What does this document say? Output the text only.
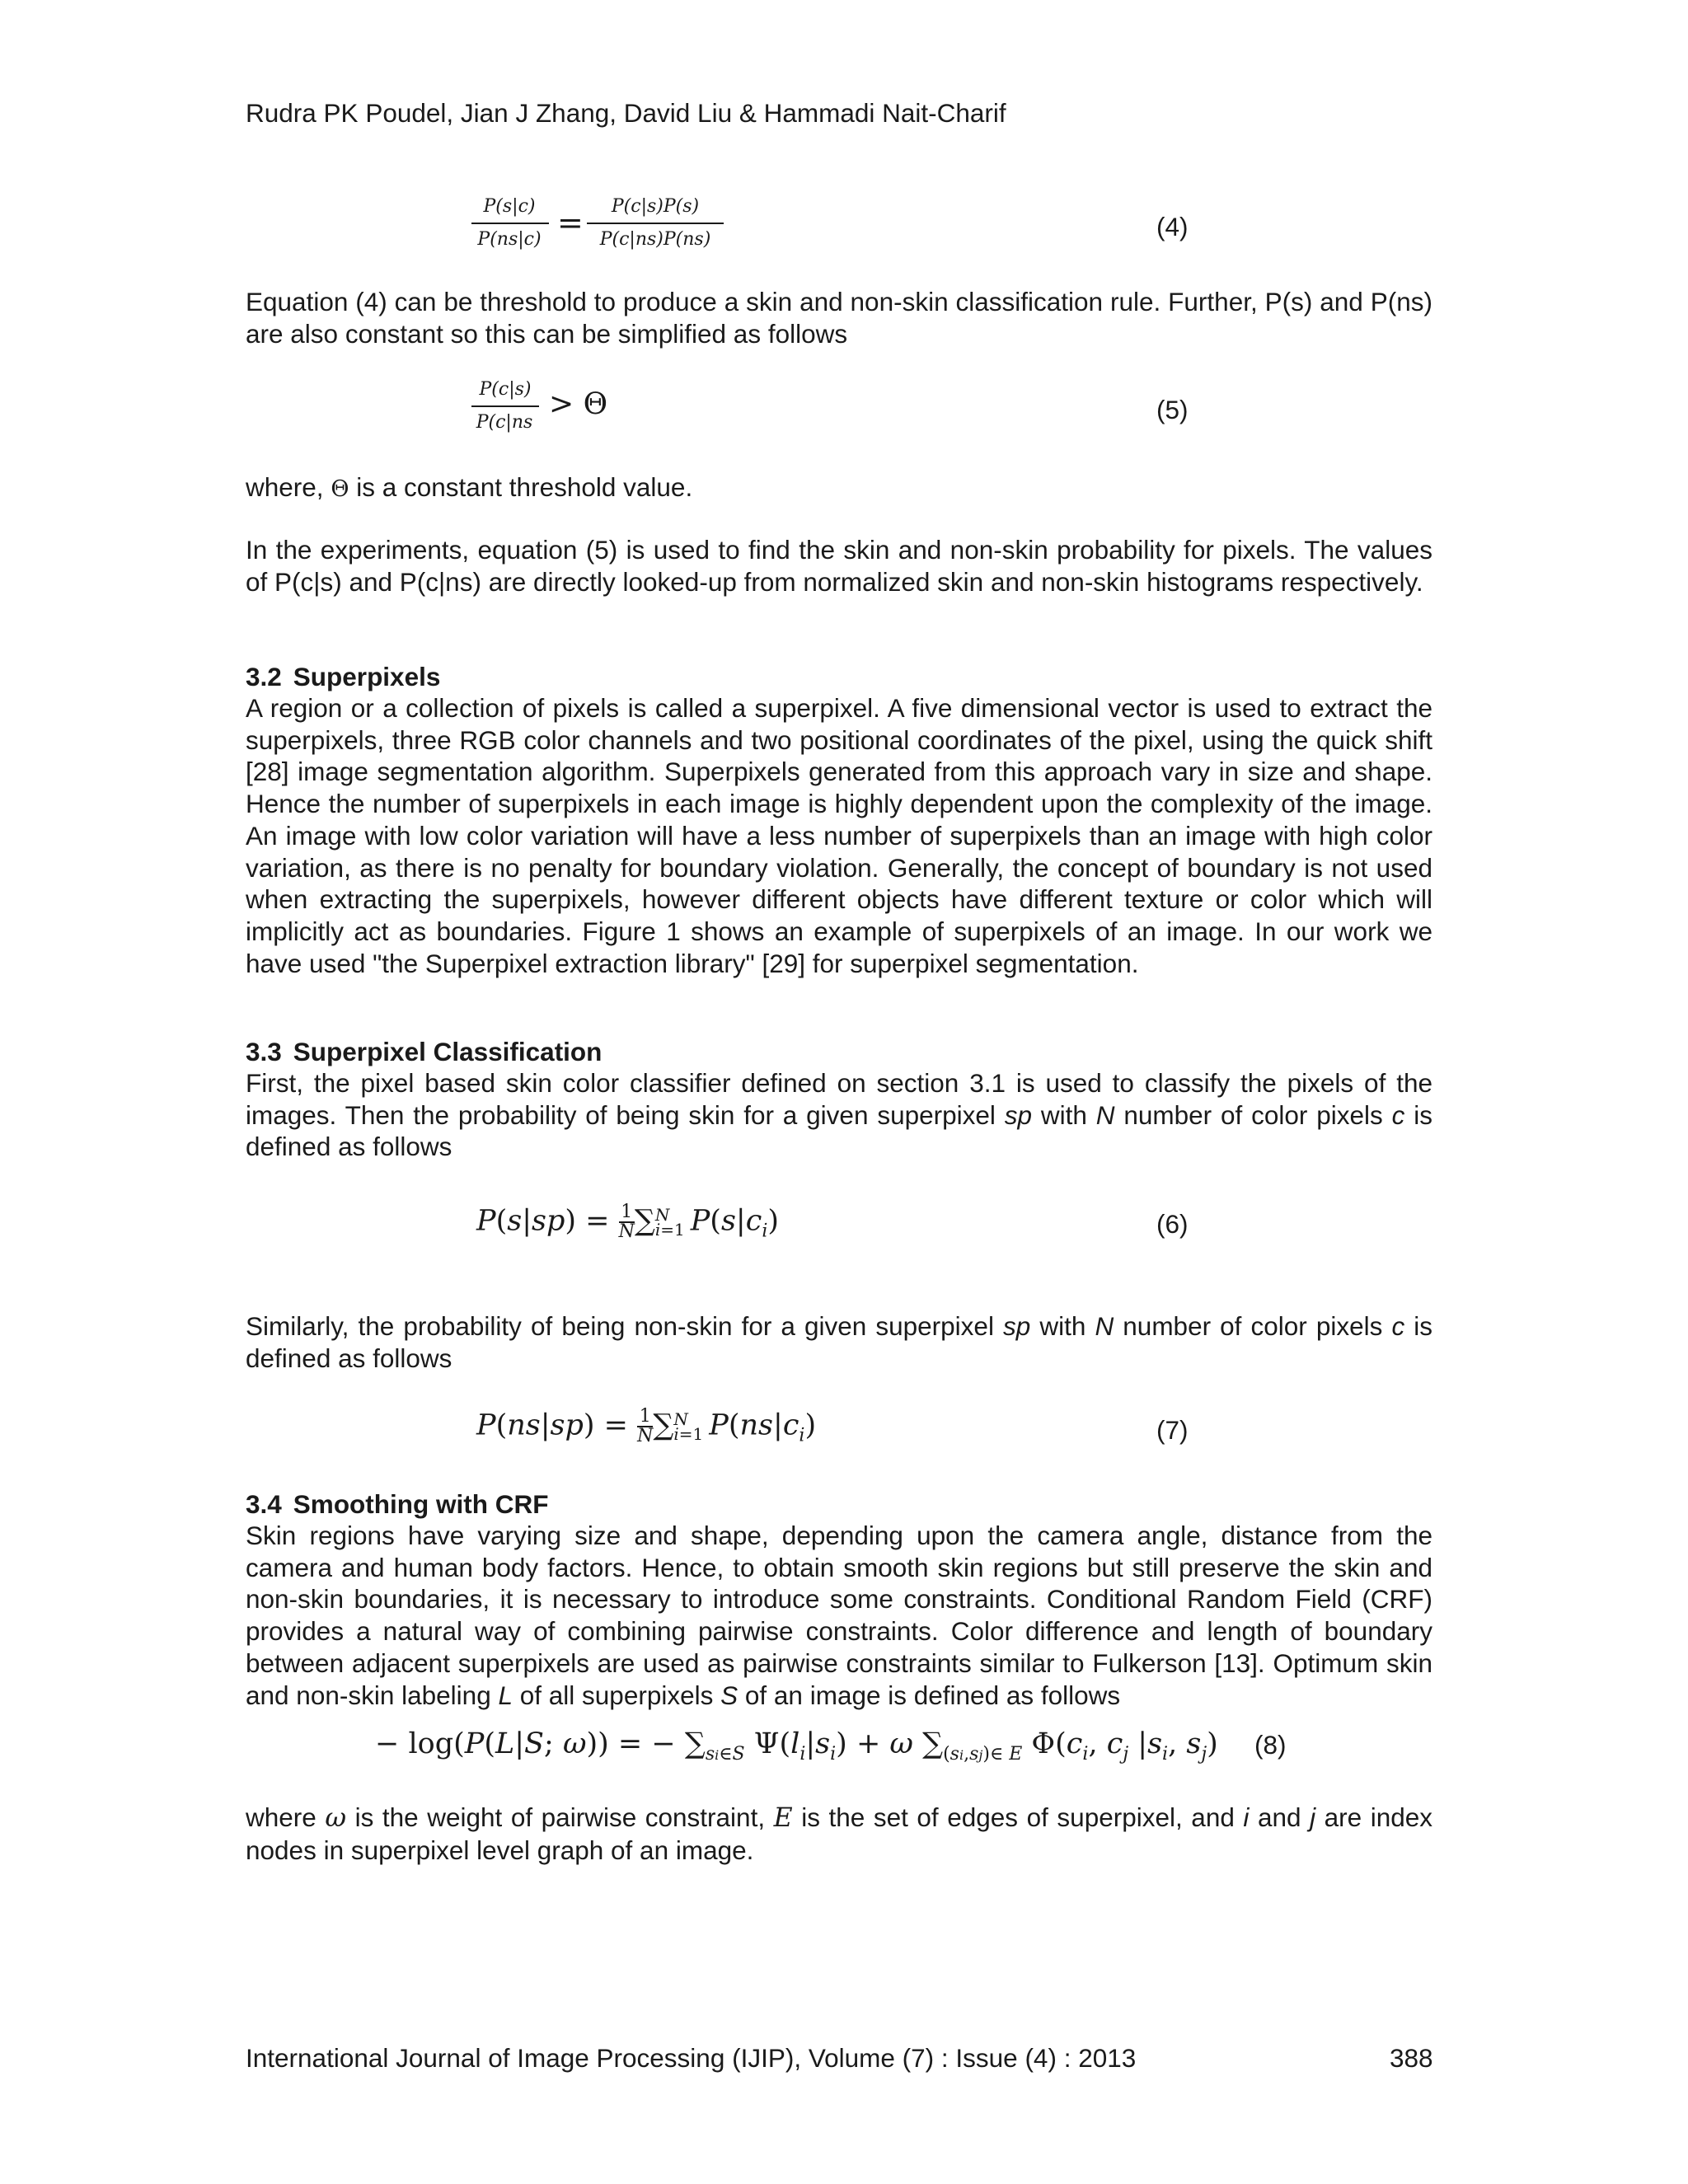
Rudra PK Poudel, Jian J Zhang, David Liu & Hammadi Nait-Charif
P(s|c)
P(ns|c) =	P(c|s)P(s)
P(c|ns)P(ns)	(4)
Equation (4) can be threshold to produce a skin and non-skin classification rule. Further, P(s) and P(ns) are also constant so this can be simplified as follows
P(c|s)
P(c|ns
> Θ	(5)
where, Θ is a constant threshold value.
In the experiments, equation (5) is used to find the skin and non-skin probability for pixels. The values of P(c|s) and P(c|ns) are directly looked-up from normalized skin and non-skin histograms respectively.
3.2 Superpixels
A region or a collection of pixels is called a superpixel. A five dimensional vector is used to extract the superpixels, three RGB color channels and two positional coordinates of the pixel, using the quick shift [28] image segmentation algorithm. Superpixels generated from this approach vary in size and shape. Hence the number of superpixels in each image is highly dependent upon the complexity of the image. An image with low color variation will have a less number of superpixels than an image with high color variation, as there is no penalty for boundary violation. Generally, the concept of boundary is not used when extracting the superpixels, however different objects have different texture or color which will implicitly act as boundaries. Figure 1 shows an example of superpixels of an image. In our work we have used "the Superpixel extraction library" [29] for superpixel segmentation.
3.3 Superpixel Classification
First, the pixel based skin color classifier defined on section 3.1 is used to classify the pixels of the images. Then the probability of being skin for a given superpixel sp with N number of color pixels c is defined as follows
$P(s|sp) = \frac{1}{N}$ ∑ N
i=1
  $P(s|c_i)$	(6)
Similarly, the probability of being non-skin for a given superpixel sp with N number of color pixels c is defined as follows
$P(ns|sp) = \frac{1}{N}$ ∑ N
i=1
  $P(ns|c_i)$	(7)
3.4 Smoothing with CRF
Skin regions have varying size and shape, depending upon the camera angle, distance from the camera and human body factors. Hence, to obtain smooth skin regions but still preserve the skin and non-skin boundaries, it is necessary to introduce some constraints. Conditional Random Field (CRF) provides a natural way of combining pairwise constraints. Color difference and length of boundary between adjacent superpixels are used as pairwise constraints similar to Fulkerson [13]. Optimum skin and non-skin labeling L of all superpixels S of an image is defined as follows
− log(P(L|S; ω)) = − $\sum_{si\in S}$ $\Psi(l_i|s_i) + \omega$ $\sum_{(si,sj)\in E}$ $\Phi(c_i$, $c_j$ $|s_i$, $s_j$) (8)
where ω is the weight of pairwise constraint, E is the set of edges of superpixel, and i and j are index nodes in superpixel level graph of an image.
International Journal of Image Processing (IJIP), Volume (7) : Issue (4) : 2013	388
